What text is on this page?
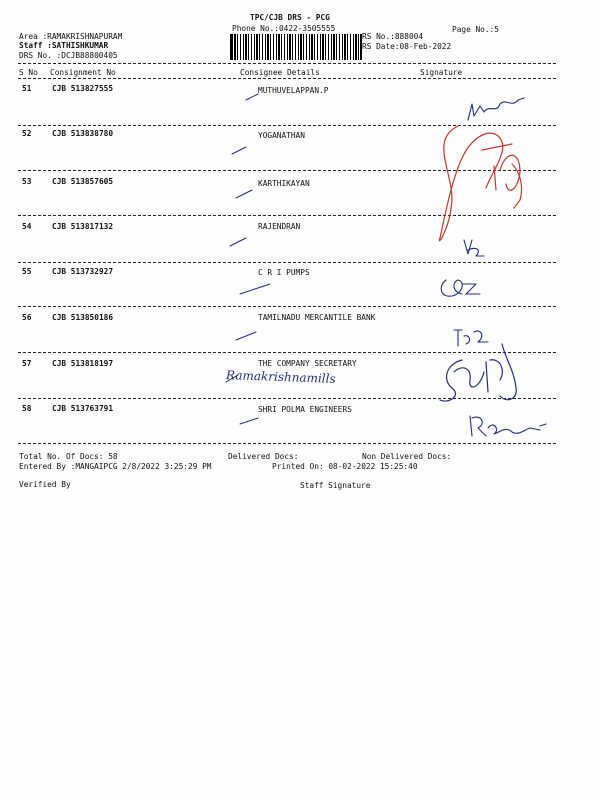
TPC/CJB DRS - PCG
Phone No.:0422-3505555	Page No.:5
Area :RAMAKRISHNAPURAM
Staff :SATHISHKUMAR
DRS No. :DCJB88800405
RS No.:888004
RS Date:08-Feb-2022
S No Consignment No	Consignee Details	Signature
51	CJB 513827555	MUTHUVELAPPAN.P
52	CJB 513838780	YOGANATHAN
53	CJB 513857605	KARTHIKAYAN
54	CJB 513817132	RAJENDRAN
55	CJB 513732927	C R I PUMPS
56	CJB 513850186	TAMILNADU MERCANTILE BANK
57	CJB 513818197	THE COMPANY SECRETARY
Ramakrishnamills
58	CJB 513763791	SHRI POLMA ENGINEERS
Total No. Of Docs: 58	Delivered Docs:	Non Delivered Docs:
Entered By :MANGAIPCG 2/8/2022 3:25:29 PM	Printed On: 08-02-2022 15:25:40
Verified By	Staff Signature
